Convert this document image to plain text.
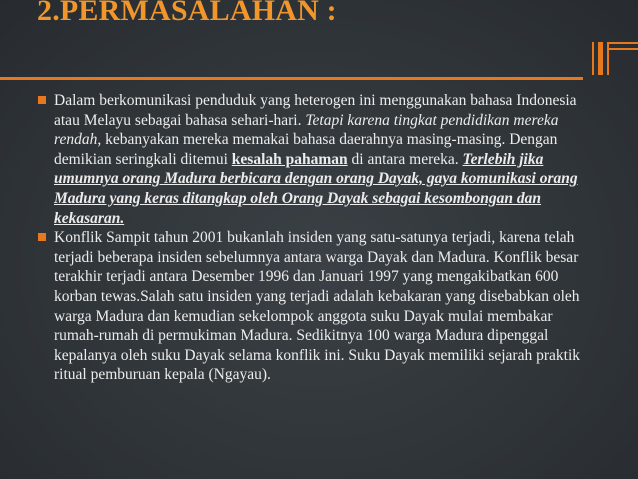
2.PERMASALAHAN :

Dalam berkomunikasi penduduk yang heterogen ini menggunakan bahasa Indonesia atau Melayu sebagai bahasa sehari-hari. Tetapi karena tingkat pendidikan mereka rendah, kebanyakan mereka memakai bahasa daerahnya masing-masing. Dengan demikian seringkali ditemui kesalah pahaman di antara mereka. Terlebih jika umumnya orang Madura berbicara dengan orang Dayak, gaya komunikasi orang Madura yang keras ditangkap oleh Orang Dayak sebagai kesombongan dan kekasaran.

Konflik Sampit tahun 2001 bukanlah insiden yang satu-satunya terjadi, karena telah terjadi beberapa insiden sebelumnya antara warga Dayak dan Madura. Konflik besar terakhir terjadi antara Desember 1996 dan Januari 1997 yang mengakibatkan 600 korban tewas.Salah satu insiden yang terjadi adalah kebakaran yang disebabkan oleh warga Madura dan kemudian sekelompok anggota suku Dayak mulai membakar rumah-rumah di permukiman Madura. Sedikitnya 100 warga Madura dipenggal kepalanya oleh suku Dayak selama konflik ini. Suku Dayak memiliki sejarah praktik ritual pemburuan kepala (Ngayau).
